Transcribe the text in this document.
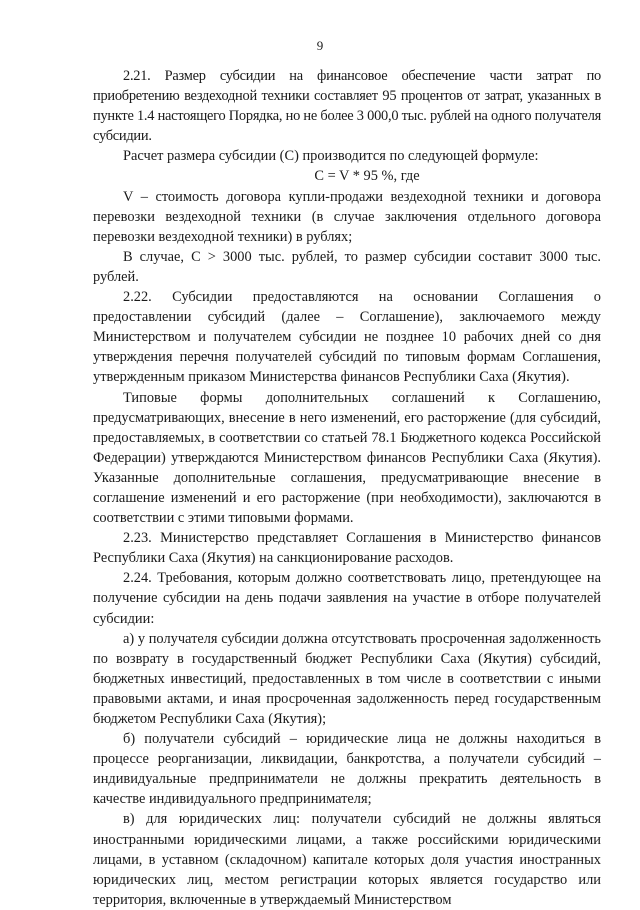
9

2.21. Размер субсидии на финансовое обеспечение части затрат по приобретению вездеходной техники составляет 95 процентов от затрат, указанных в пункте 1.4 настоящего Порядка, но не более 3 000,0 тыс. рублей на одного получателя субсидии.

Расчет размера субсидии (С) производится по следующей формуле:

C = V * 95 %, где

V – стоимость договора купли-продажи вездеходной техники и договора перевозки вездеходной техники (в случае заключения отдельного договора перевозки вездеходной техники) в рублях;

В случае, С > 3000 тыс. рублей, то размер субсидии составит 3000 тыс. рублей.

2.22. Субсидии предоставляются на основании Соглашения о предоставлении субсидий (далее – Соглашение), заключаемого между Министерством и получателем субсидии не позднее 10 рабочих дней со дня утверждения перечня получателей субсидий по типовым формам Соглашения, утвержденным приказом Министерства финансов Республики Саха (Якутия).

Типовые формы дополнительных соглашений к Соглашению, предусматривающих, внесение в него изменений, его расторжение (для субсидий, предоставляемых, в соответствии со статьей 78.1 Бюджетного кодекса Российской Федерации) утверждаются Министерством финансов Республики Саха (Якутия). Указанные дополнительные соглашения, предусматривающие внесение в соглашение изменений и его расторжение (при необходимости), заключаются в соответствии с этими типовыми формами.

2.23. Министерство представляет Соглашения в Министерство финансов Республики Саха (Якутия) на санкционирование расходов.

2.24. Требования, которым должно соответствовать лицо, претендующее на получение субсидии на день подачи заявления на участие в отборе получателей субсидии:

а) у получателя субсидии должна отсутствовать просроченная задолженность по возврату в государственный бюджет Республики Саха (Якутия) субсидий, бюджетных инвестиций, предоставленных в том числе в соответствии с иными правовыми актами, и иная просроченная задолженность перед государственным бюджетом Республики Саха (Якутия);

б) получатели субсидий – юридические лица не должны находиться в процессе реорганизации, ликвидации, банкротства, а получатели субсидий – индивидуальные предприниматели не должны прекратить деятельность в качестве индивидуального предпринимателя;

в) для юридических лиц: получатели субсидий не должны являться иностранными юридическими лицами, а также российскими юридическими лицами, в уставном (складочном) капитале которых доля участия иностранных юридических лиц, местом регистрации которых является государство или территория, включенные в утверждаемый Министерством
